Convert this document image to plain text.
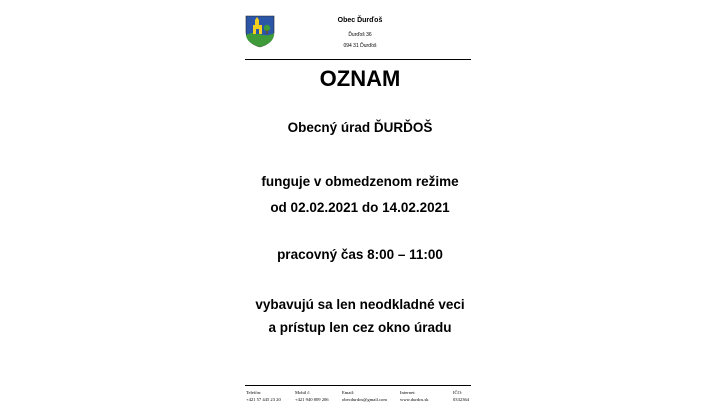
Obec Ďurďoš
Ďurďoš 36
094 31 Ďurďoš
OZNAM
Obecný úrad ĎURĎOŠ
funguje v obmedzenom režime
od 02.02.2021 do 14.02.2021
pracovný čas 8:00 – 11:00
vybavujú sa len neodkladné veci
a prístup len cez okno úradu
Telefón:
+421 57 445 23 20
Mobil č.
+421 940 809 206
Email:
obecdurdos@gmail.com
Internet:
www.durdos.sk
IČO:
0332364
